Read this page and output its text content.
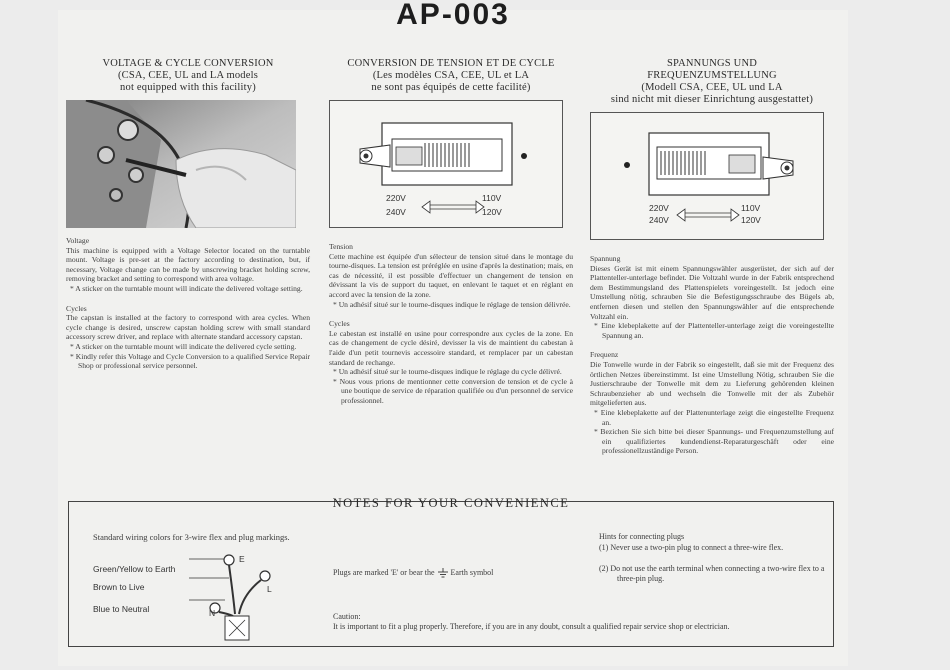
AP-003
VOLTAGE & CYCLE CONVERSION
(CSA, CEE, UL and LA models
not equipped with this facility)

Voltage

This machine is equipped with a Voltage Selector located on the turntable mount. Voltage is pre-set at the factory according to destination, but, if necessary, Voltage change can be made by unscrewing bracket holding screw, removing bracket and setting to correspond with area voltage.

* A sticker on the turntable mount will indicate the delivered voltage setting.

Cycles

The capstan is installed at the factory to correspond with area cycles. When cycle change is desired, unscrew capstan holding screw with small standard accessory screw driver, and replace with alternate standard accessory capstan.

* A sticker on the turntable mount will indicate the delivered cycle setting.

* Kindly refer this Voltage and Cycle Conversion to a qualified Service Repair Shop or professional service personnel.

CONVERSION DE TENSION ET DE CYCLE
(Les modèles CSA, CEE, UL et LA
ne sont pas équipés de cette facilité)
220V
240V
110V
120V

Tension

Cette machine est équipée d'un sélecteur de tension situé dans le montage du tourne-disques. La tension est préréglée en usine d'après la destination; mais, en cas de nécessité, il est possible d'effectuer un changement de tension en dévissant la vis de support du taquet, en enlevant le taquet et en réglant en accord avec la tension de la zone.

* Un adhésif situé sur le tourne-disques indique le réglage de tension délivrée.

Cycles

Le cabestan est installé en usine pour correspondre aux cycles de la zone. En cas de changement de cycle désiré, devisser la vis de maintient du cabestan à l'aide d'un petit tournevis accessoire standard, et remplacer par un cabestan standard de rechange.

* Un adhésif situé sur le tourne-disques indique le réglage du cycle délivré.

* Nous vous prions de mentionner cette conversion de tension et de cycle à une boutique de service de réparation qualifiée ou d'un personnel de service professionnel.

SPANNUNGS UND
FREQUENZUMSTELLUNG
(Modell CSA, CEE, UL und LA
sind nicht mit dieser Einrichtung ausgestattet)
220V
240V
110V
120V

Spannung

Dieses Gerät ist mit einem Spannungswähler ausgerüstet, der sich auf der Plattenteller-unterlage befindet. Die Voltzahl wurde in der Fabrik entsprechend dem Bestimmungsland des Plattenspielets voreingestellt. Ist jedoch eine Umstellung nötig, schrauben Sie die Befestigungsschraube des Bügels ab, entfernen diesen und stellen den Spannungswähler auf die entsprechende Voltzahl ein.

* Eine klebeplakette auf der Plattenteller-unterlage zeigt die voreingestellte Spannung an.

Frequenz

Die Tonwelle wurde in der Fabrik so eingestellt, daß sie mit der Frequenz des örtlichen Netzes übereinstimmt. Ist eine Umstellung Nötig, schrauben Sie die Justierschraube der Tonwelle mit dem zu Lieferung gehörenden kleinen Schraubenzieher ab und wechseln die Tonwelle mit der als Zubehör mitgelieferten aus.

* Eine klebeplakette auf der Plattenunterlage zeigt die eingestellte Frequenz an.

* Bezichen Sie sich bitte bei dieser Spannungs- und Frequenzumstellung auf ein qualifiziertes kundendienst-Reparaturgeschäft oder eine professionellzuständige Person.

NOTES FOR YOUR CONVENIENCE
Standard wiring colors for 3-wire flex and plug markings.
Green/Yellow to Earth
Brown to Live
Blue to Neutral
E
L
N
Plugs are marked 'E' or bear the Earth symbol
Hints for connecting plugs
(1) Never use a two-pin plug to connect a three-wire flex.
(2) Do not use the earth terminal when connecting a two-wire flex to a three-pin plug.
Caution:
It is important to fit a plug properly. Therefore, if you are in any doubt, consult a qualified repair service shop or electrician.
